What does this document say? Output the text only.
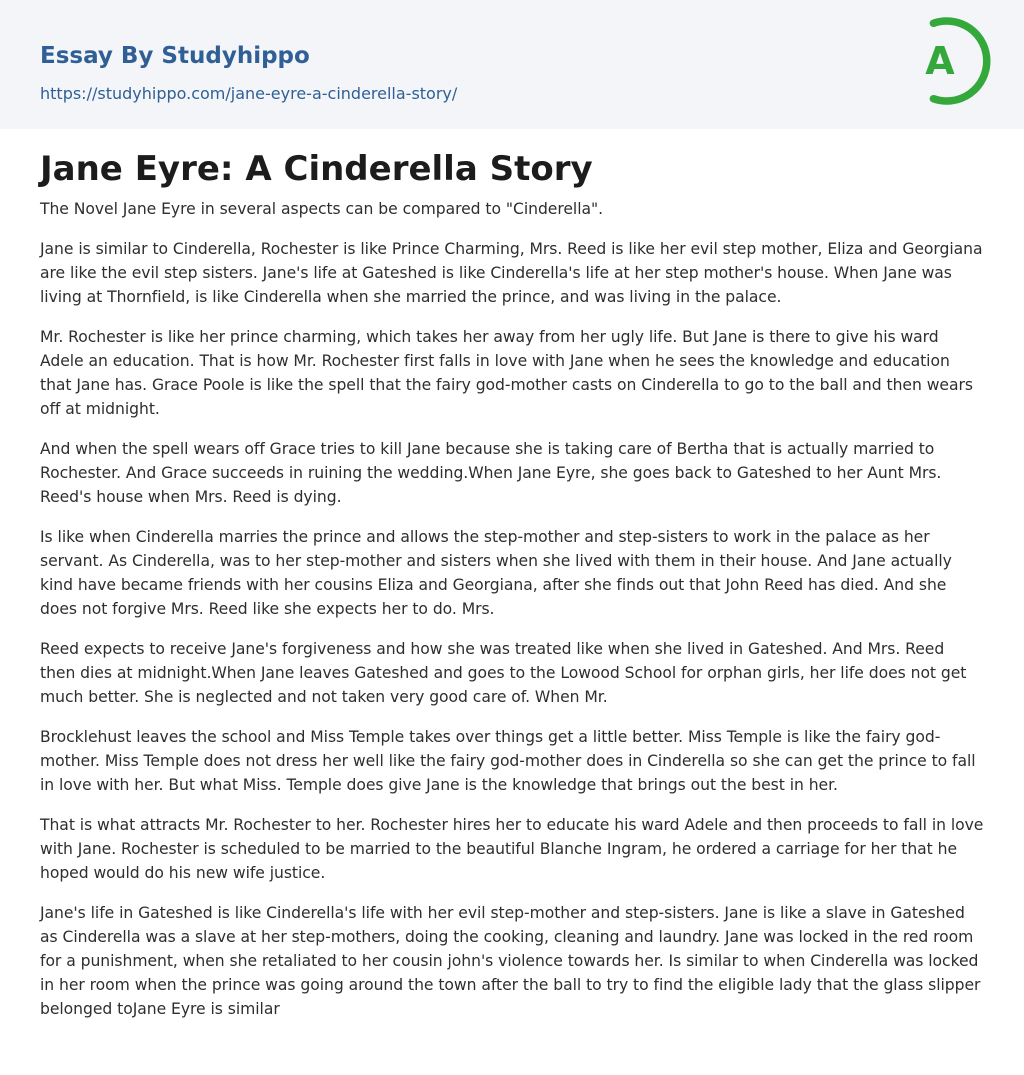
Essay By Studyhippo
https://studyhippo.com/jane-eyre-a-cinderella-story/
A
Jane Eyre: A Cinderella Story

The Novel Jane Eyre in several aspects can be compared to "Cinderella".

Jane is similar to Cinderella, Rochester is like Prince Charming, Mrs. Reed is like her evil step mother, Eliza and Georgiana are like the evil step sisters. Jane's life at Gateshed is like Cinderella's life at her step mother's house. When Jane was living at Thornfield, is like Cinderella when she married the prince, and was living in the palace.

Mr. Rochester is like her prince charming, which takes her away from her ugly life. But Jane is there to give his ward Adele an education. That is how Mr. Rochester first falls in love with Jane when he sees the knowledge and education that Jane has. Grace Poole is like the spell that the fairy god-mother casts on Cinderella to go to the ball and then wears off at midnight.

And when the spell wears off Grace tries to kill Jane because she is taking care of Bertha that is actually married to Rochester. And Grace succeeds in ruining the wedding.When Jane Eyre, she goes back to Gateshed to her Aunt Mrs. Reed's house when Mrs. Reed is dying.

Is like when Cinderella marries the prince and allows the step-mother and step-sisters to work in the palace as her servant. As Cinderella, was to her step-mother and sisters when she lived with them in their house. And Jane actually kind have became friends with her cousins Eliza and Georgiana, after she finds out that John Reed has died. And she does not forgive Mrs. Reed like she expects her to do. Mrs.

Reed expects to receive Jane's forgiveness and how she was treated like when she lived in Gateshed. And Mrs. Reed then dies at midnight.When Jane leaves Gateshed and goes to the Lowood School for orphan girls, her life does not get much better. She is neglected and not taken very good care of. When Mr.

Brocklehust leaves the school and Miss Temple takes over things get a little better. Miss Temple is like the fairy god-mother. Miss Temple does not dress her well like the fairy god-mother does in Cinderella so she can get the prince to fall in love with her. But what Miss. Temple does give Jane is the knowledge that brings out the best in her.

That is what attracts Mr. Rochester to her. Rochester hires her to educate his ward Adele and then proceeds to fall in love with Jane. Rochester is scheduled to be married to the beautiful Blanche Ingram, he ordered a carriage for her that he hoped would do his new wife justice.

Jane's life in Gateshed is like Cinderella's life with her evil step-mother and step-sisters. Jane is like a slave in Gateshed as Cinderella was a slave at her step-mothers, doing the cooking, cleaning and laundry. Jane was locked in the red room for a punishment, when she retaliated to her cousin john's violence towards her. Is similar to when Cinderella was locked in her room when the prince was going around the town after the ball to try to find the eligible lady that the glass slipper belonged toJane Eyre is similar
